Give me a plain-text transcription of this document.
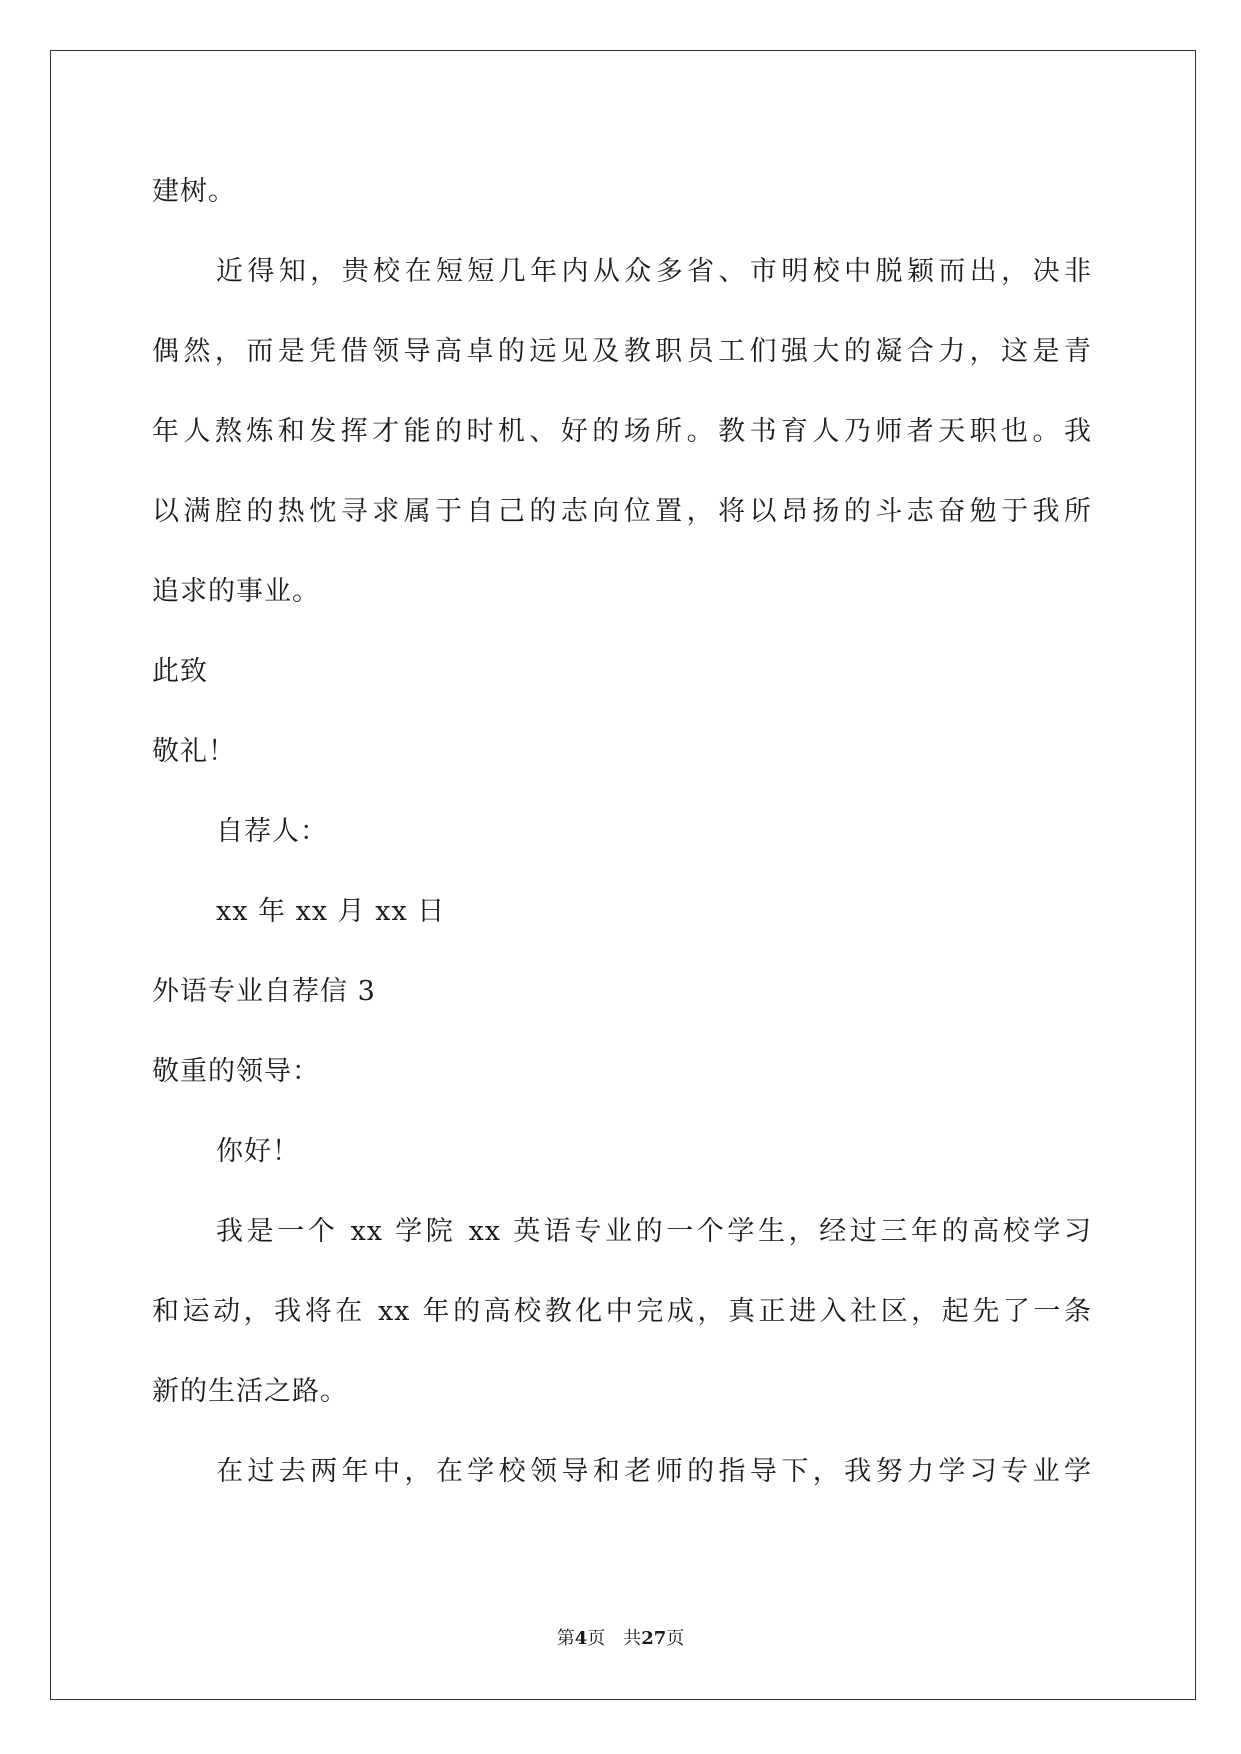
建树。
近得知，贵校在短短几年内从众多省、市明校中脱颖而出，决非
偶然，而是凭借领导高卓的远见及教职员工们强大的凝合力，这是青
年人熬炼和发挥才能的时机、好的场所。教书育人乃师者天职也。我
以满腔的热忱寻求属于自己的志向位置，将以昂扬的斗志奋勉于我所
追求的事业。
此致
敬礼！
自荐人：
xx 年 xx 月 xx 日
外语专业自荐信 3
敬重的领导：
你好！
我是一个 xx 学院 xx 英语专业的一个学生，经过三年的高校学习
和运动，我将在 xx 年的高校教化中完成，真正进入社区，起先了一条
新的生活之路。
在过去两年中，在学校领导和老师的指导下，我努力学习专业学
第4页　共27页
